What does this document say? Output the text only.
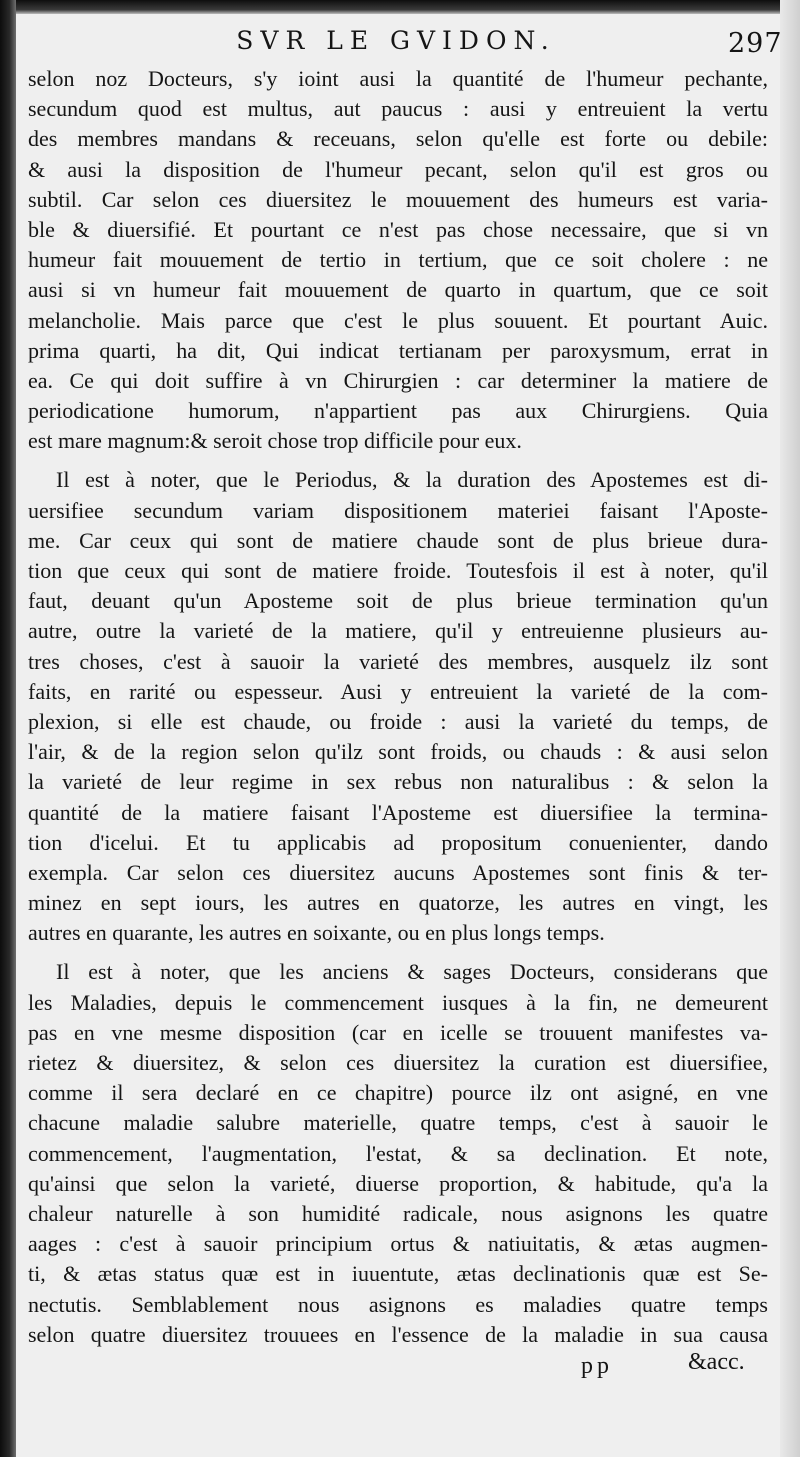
SVR LE GVIDON.	297
selon noz Docteurs, s'y ioint ausi la quantité de l'humeur pechante,
secundum quod est multus, aut paucus : ausi y entreuient la vertu
des membres mandans & receuans, selon qu'elle est forte ou debile:
& ausi la disposition de l'humeur pecant, selon qu'il est gros ou
subtil. Car selon ces diuersitez le mouuement des humeurs est varia-
ble & diuersifié. Et pourtant ce n'est pas chose necessaire, que si vn
humeur fait mouuement de tertio in tertium, que ce soit cholere : ne
ausi si vn humeur fait mouuement de quarto in quartum, que ce soit
melancholie. Mais parce que c'est le plus souuent. Et pourtant Auic.
prima quarti, ha dit, Qui indicat tertianam per paroxysmum, errat in
ea. Ce qui doit suffire à vn Chirurgien : car determiner la matiere de
periodicatione humorum, n'appartient pas aux Chirurgiens. Quia
est mare magnum:& seroit chose trop difficile pour eux.
Il est à noter, que le Periodus, & la duration des Apostemes est di-
uersifiee secundum variam dispositionem materiei faisant l'Aposte-
me. Car ceux qui sont de matiere chaude sont de plus brieue dura-
tion que ceux qui sont de matiere froide. Toutesfois il est à noter, qu'il
faut, deuant qu'un Aposteme soit de plus brieue termination qu'un
autre, outre la varieté de la matiere, qu'il y entreuienne plusieurs au-
tres choses, c'est à sauoir la varieté des membres, ausquelz ilz sont
faits, en rarité ou espesseur. Ausi y entreuient la varieté de la com-
plexion, si elle est chaude, ou froide : ausi la varieté du temps, de
l'air, & de la region selon qu'ilz sont froids, ou chauds : & ausi selon
la varieté de leur regime in sex rebus non naturalibus : & selon la
quantité de la matiere faisant l'Aposteme est diuersifiee la termina-
tion d'icelui. Et tu applicabis ad propositum conuenienter, dando
exempla. Car selon ces diuersitez aucuns Apostemes sont finis & ter-
minez en sept iours, les autres en quatorze, les autres en vingt, les
autres en quarante, les autres en soixante, ou en plus longs temps.
Il est à noter, que les anciens & sages Docteurs, considerans que
les Maladies, depuis le commencement iusques à la fin, ne demeurent
pas en vne mesme disposition (car en icelle se trouuent manifestes va-
rietez & diuersitez, & selon ces diuersitez la curation est diuersifiee,
comme il sera declaré en ce chapitre) pource ilz ont asigné, en vne
chacune maladie salubre materielle, quatre temps, c'est à sauoir le
commencement, l'augmentation, l'estat, & sa declination. Et note,
qu'ainsi que selon la varieté, diuerse proportion, & habitude, qu'a la
chaleur naturelle à son humidité radicale, nous asignons les quatre
aages : c'est à sauoir principium ortus & natiuitatis, & ætas augmen-
ti, & ætas status quæ est in iuuentute, ætas declinationis quæ est Se-
nectutis. Semblablement nous asignons es maladies quatre temps
selon quatre diuersitez trouuees en l'essence de la maladie in sua causa
pp	&acc.
